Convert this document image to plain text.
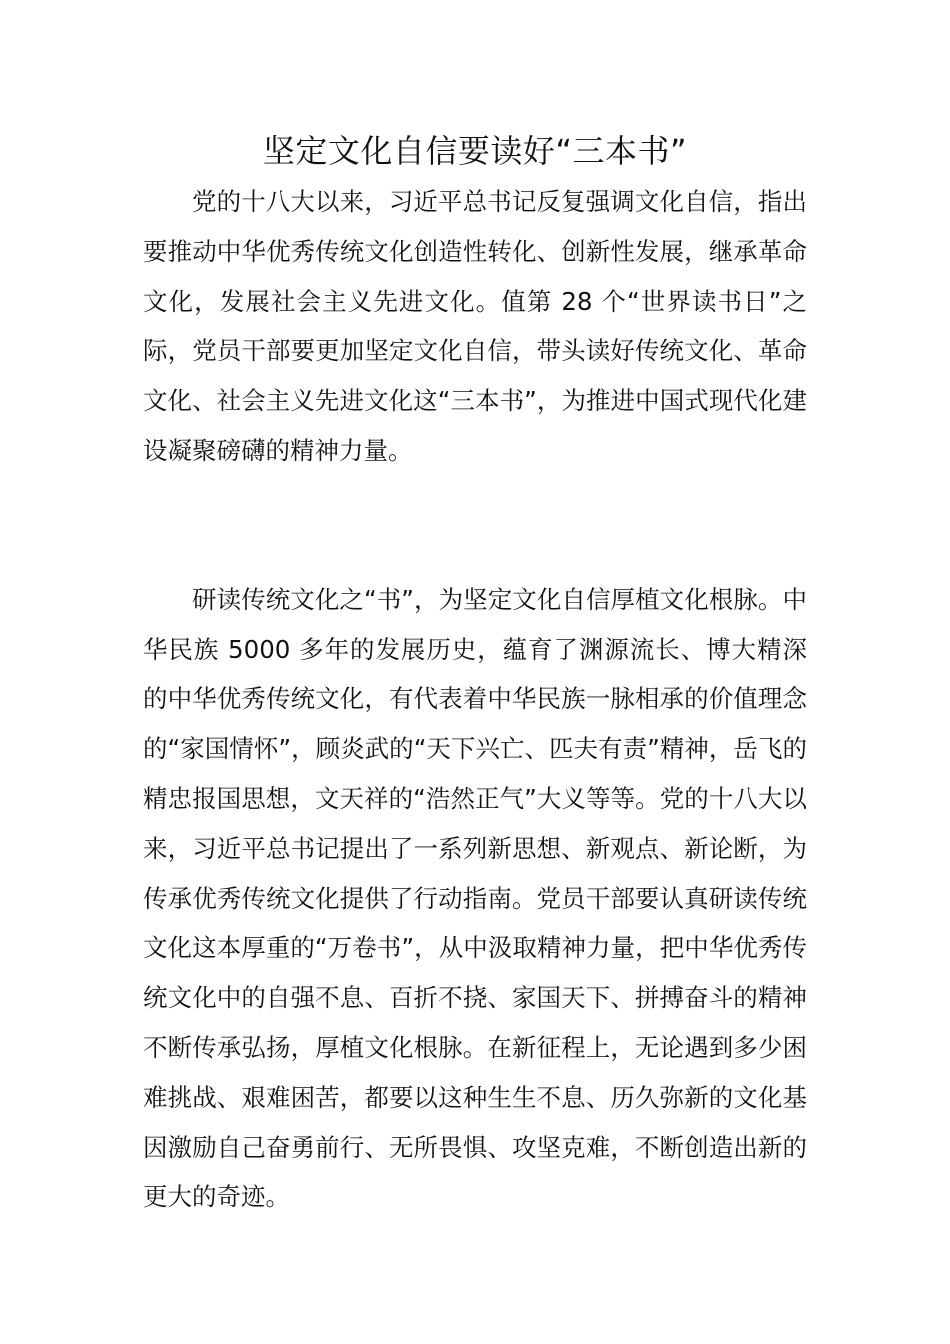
坚定文化自信要读好“三本书”

党的十八大以来，习近平总书记反复强调文化自信，指出要推动中华优秀传统文化创造性转化、创新性发展，继承革命文化，发展社会主义先进文化。值第 28 个“世界读书日”之际，党员干部要更加坚定文化自信，带头读好传统文化、革命文化、社会主义先进文化这“三本书”，为推进中国式现代化建设凝聚磅礴的精神力量。

研读传统文化之“书”，为坚定文化自信厚植文化根脉。中华民族 5000 多年的发展历史，蕴育了渊源流长、博大精深的中华优秀传统文化，有代表着中华民族一脉相承的价值理念的“家国情怀”，顾炎武的“天下兴亡、匹夫有责”精神，岳飞的精忠报国思想，文天祥的“浩然正气”大义等等。党的十八大以来，习近平总书记提出了一系列新思想、新观点、新论断，为传承优秀传统文化提供了行动指南。党员干部要认真研读传统文化这本厚重的“万卷书”，从中汲取精神力量，把中华优秀传统文化中的自强不息、百折不挠、家国天下、拼搏奋斗的精神不断传承弘扬，厚植文化根脉。在新征程上，无论遇到多少困难挑战、艰难困苦，都要以这种生生不息、历久弥新的文化基因激励自己奋勇前行、无所畏惧、攻坚克难，不断创造出新的更大的奇迹。
